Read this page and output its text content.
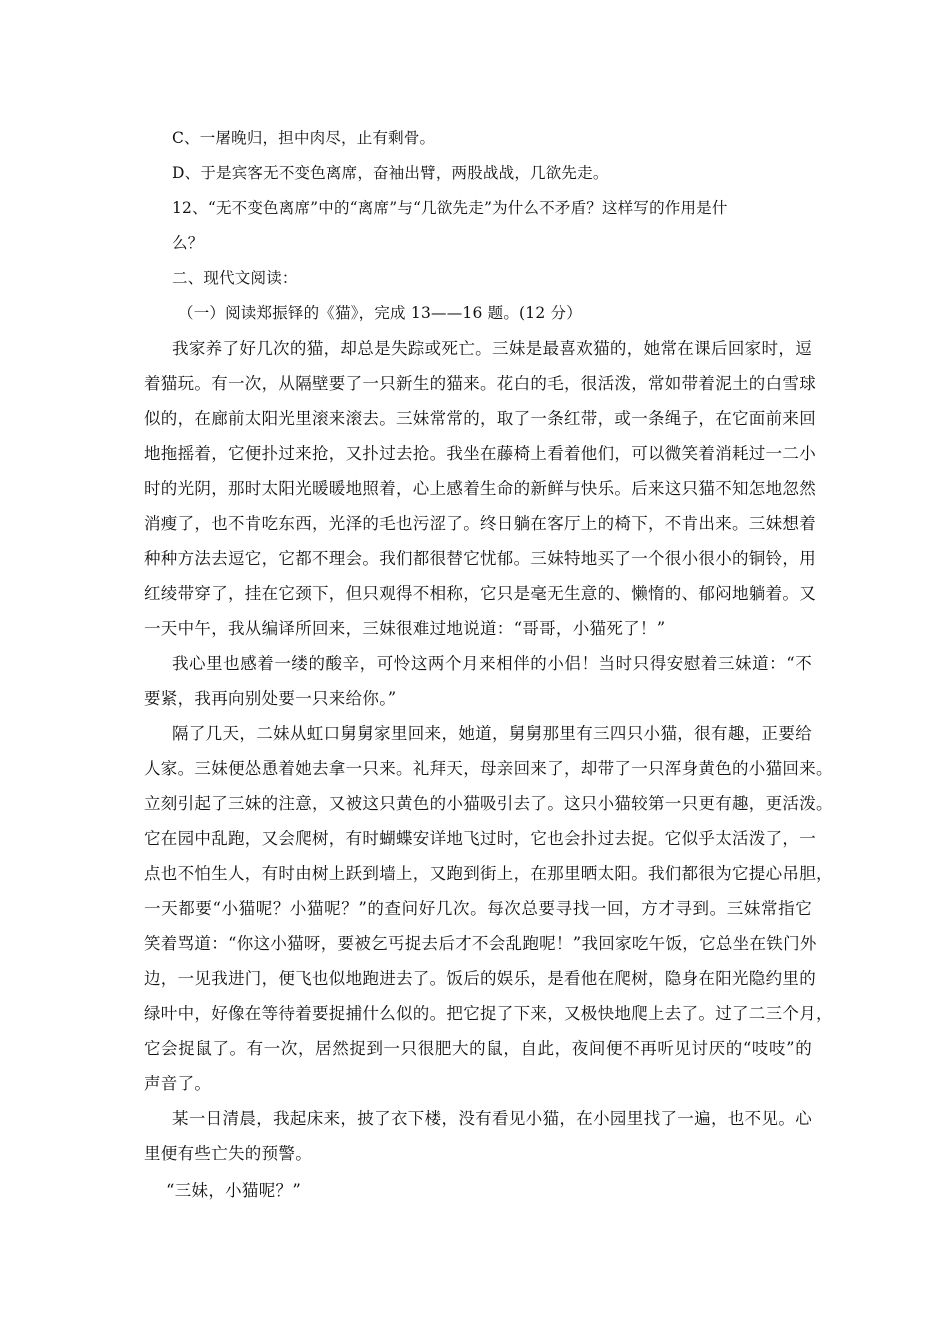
C、一屠晚归，担中肉尽，止有剩骨。
D、于是宾客无不变色离席，奋袖出臂，两股战战，几欲先走。
12、“无不变色离席”中的“离席”与“几欲先走”为什么不矛盾？这样写的作用是什
么？
二、现代文阅读：
（一）阅读郑振铎的《猫》，完成 13——16 题。(12 分）
我家养了好几次的猫，却总是失踪或死亡。三妹是最喜欢猫的，她常在课后回家时，逗
着猫玩。有一次，从隔壁要了一只新生的猫来。花白的毛，很活泼，常如带着泥土的白雪球
似的，在廊前太阳光里滚来滚去。三妹常常的，取了一条红带，或一条绳子，在它面前来回
地拖摇着，它便扑过来抢，又扑过去抢。我坐在藤椅上看着他们，可以微笑着消耗过一二小
时的光阴，那时太阳光暖暖地照着，心上感着生命的新鲜与快乐。后来这只猫不知怎地忽然
消瘦了，也不肯吃东西，光泽的毛也污涩了。终日躺在客厅上的椅下，不肯出来。三妹想着
种种方法去逗它，它都不理会。我们都很替它忧郁。三妹特地买了一个很小很小的铜铃，用
红绫带穿了，挂在它颈下，但只观得不相称，它只是毫无生意的、懒惰的、郁闷地躺着。又
一天中午，我从编译所回来，三妹很难过地说道：“哥哥，小猫死了！”
我心里也感着一缕的酸辛，可怜这两个月来相伴的小侣！当时只得安慰着三妹道：“不
要紧，我再向别处要一只来给你。”
隔了几天，二妹从虹口舅舅家里回来，她道，舅舅那里有三四只小猫，很有趣，正要给
人家。三妹便怂恿着她去拿一只来。礼拜天，母亲回来了，却带了一只浑身黄色的小猫回来。
立刻引起了三妹的注意，又被这只黄色的小猫吸引去了。这只小猫较第一只更有趣，更活泼。
它在园中乱跑，又会爬树，有时蝴蝶安详地飞过时，它也会扑过去捉。它似乎太活泼了，一
点也不怕生人，有时由树上跃到墙上，又跑到街上，在那里晒太阳。我们都很为它提心吊胆，
一天都要“小猫呢？小猫呢？”的查问好几次。每次总要寻找一回，方才寻到。三妹常指它
笑着骂道：“你这小猫呀，要被乞丐捉去后才不会乱跑呢！”我回家吃午饭，它总坐在铁门外
边，一见我进门，便飞也似地跑进去了。饭后的娱乐，是看他在爬树，隐身在阳光隐约里的
绿叶中，好像在等待着要捉捕什么似的。把它捉了下来，又极快地爬上去了。过了二三个月，
它会捉鼠了。有一次，居然捉到一只很肥大的鼠，自此，夜间便不再听见讨厌的“吱吱”的
声音了。
某一日清晨，我起床来，披了衣下楼，没有看见小猫，在小园里找了一遍，也不见。心
里便有些亡失的预警。
“三妹，小猫呢？”
